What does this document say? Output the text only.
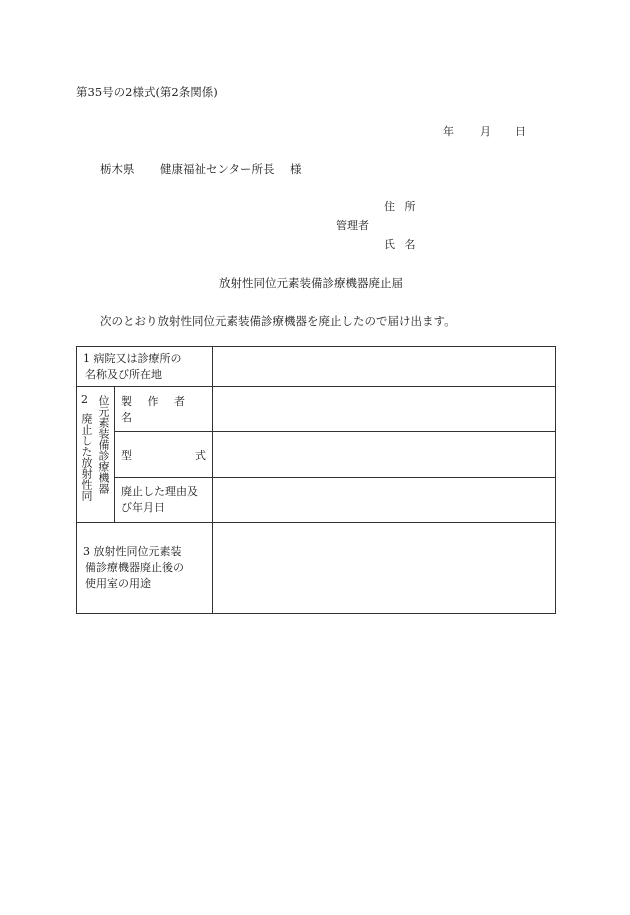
第35号の2様式(第2条関係)
年 月 日
栃木県 健康福祉センター所長 様
住 所
管理者
氏 名
放射性同位元素装備診療機器廃止届
次のとおり放射性同位元素装備診療機器を廃止したので届け出ます。
1 病院又は診療所の
名称及び所在地		

2
廃止した放射性同 位元素装備診療機器	製 作 者 名	

	型 式	

	廃止した理由及
び年月日	

3 放射性同位元素装
備診療機器廃止後の
使用室の用途		
